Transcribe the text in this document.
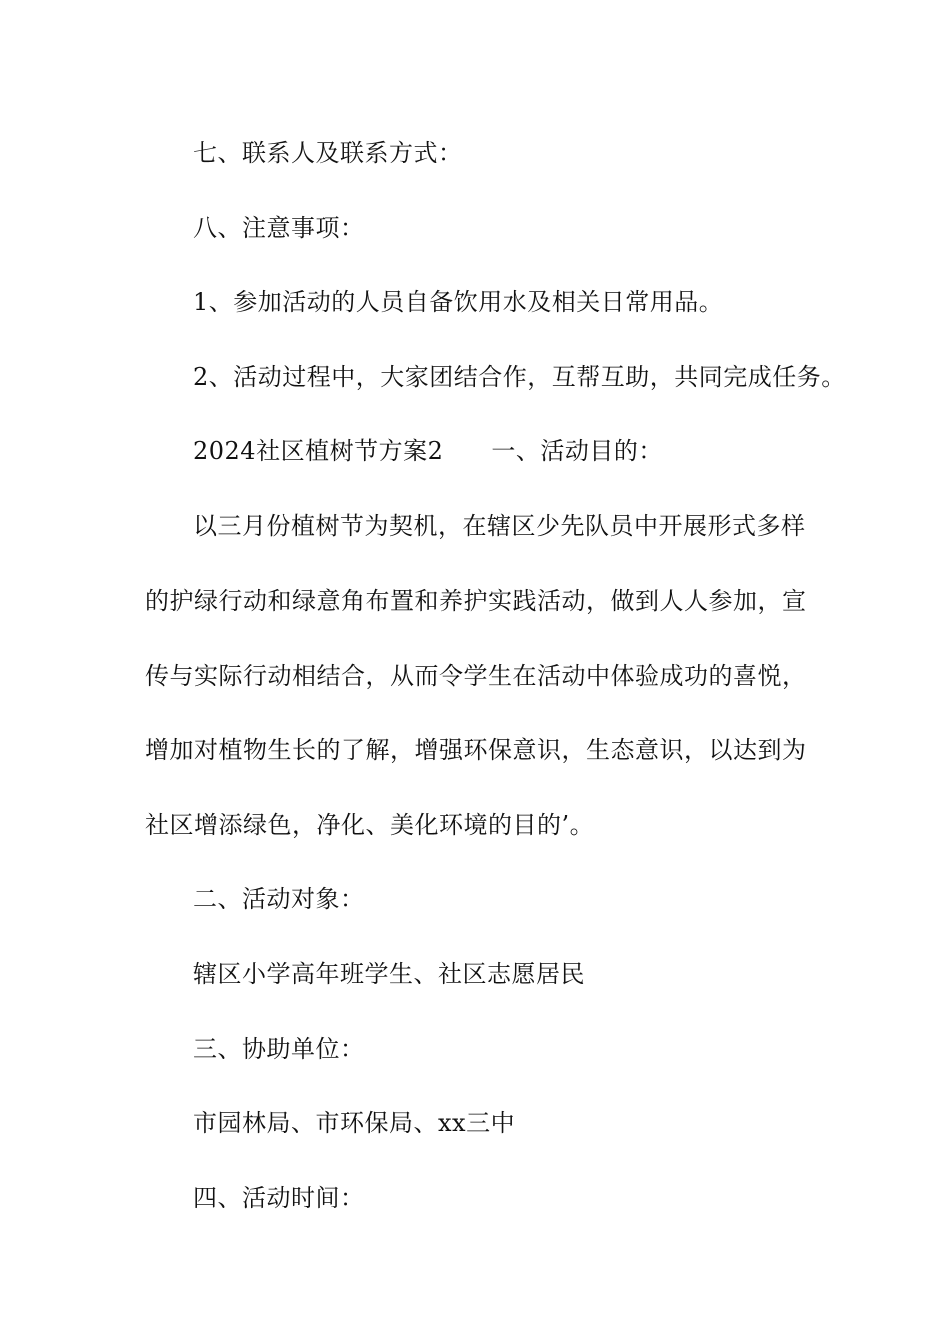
七、联系人及联系方式：
八、注意事项：
1、参加活动的人员自备饮用水及相关日常用品。
2、活动过程中，大家团结合作，互帮互助，共同完成任务。
2024社区植树节方案2 一、活动目的：
以三月份植树节为契机，在辖区少先队员中开展形式多样
的护绿行动和绿意角布置和养护实践活动，做到人人参加，宣
传与实际行动相结合，从而令学生在活动中体验成功的喜悦，
增加对植物生长的了解，增强环保意识，生态意识，以达到为
社区增添绿色，净化、美化环境的目的’。
二、活动对象：
辖区小学高年班学生、社区志愿居民
三、协助单位：
市园林局、市环保局、xx三中
四、活动时间：
